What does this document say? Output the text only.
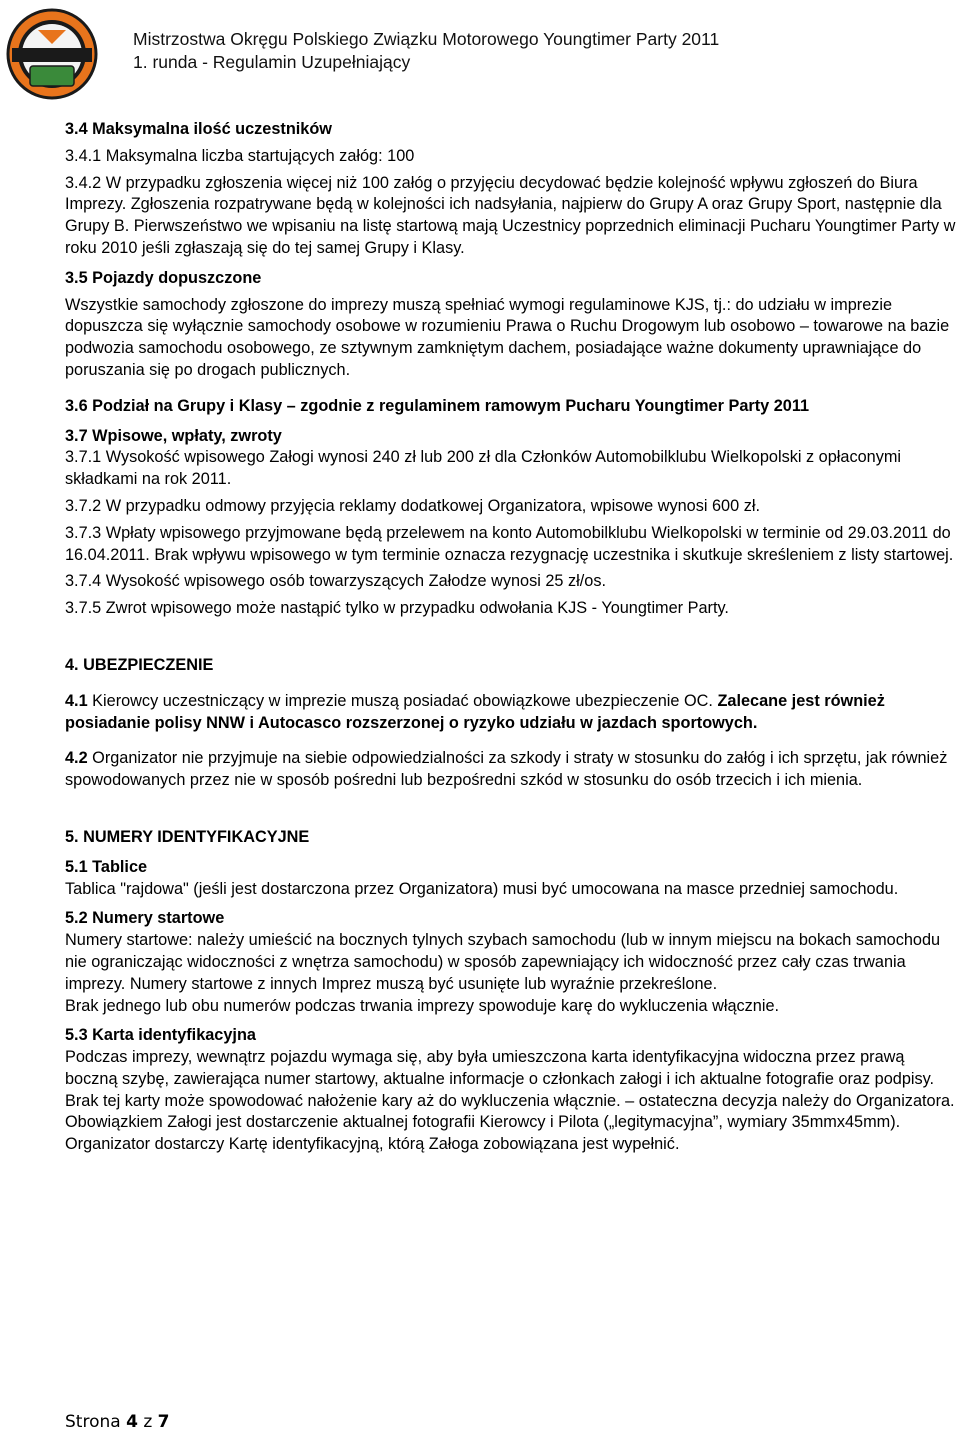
Mistrzostwa Okręgu Polskiego Związku Motorowego Youngtimer Party 2011
1. runda - Regulamin Uzupełniający

3.4 Maksymalna ilość uczestników

3.4.1 Maksymalna liczba startujących załóg: 100

3.4.2 W przypadku zgłoszenia więcej niż 100 załóg o przyjęciu decydować będzie kolejność wpływu zgłoszeń do Biura Imprezy. Zgłoszenia rozpatrywane będą w kolejności ich nadsyłania, najpierw do Grupy A oraz Grupy Sport, następnie dla Grupy B. Pierwszeństwo we wpisaniu na listę startową mają Uczestnicy poprzednich eliminacji Pucharu Youngtimer Party w roku 2010 jeśli zgłaszają się do tej samej Grupy i Klasy.

3.5 Pojazdy dopuszczone

Wszystkie samochody zgłoszone do imprezy muszą spełniać wymogi regulaminowe KJS, tj.: do udziału w imprezie dopuszcza się wyłącznie samochody osobowe w rozumieniu Prawa o Ruchu Drogowym lub osobowo – towarowe na bazie podwozia samochodu osobowego, ze sztywnym zamkniętym dachem, posiadające ważne dokumenty uprawniające do poruszania się po drogach publicznych.

3.6 Podział na Grupy i Klasy – zgodnie z regulaminem ramowym Pucharu Youngtimer Party 2011

3.7 Wpisowe, wpłaty, zwroty

3.7.1 Wysokość wpisowego Załogi wynosi 240 zł lub 200 zł dla Członków Automobilklubu Wielkopolski z opłaconymi składkami na rok 2011.

3.7.2 W przypadku odmowy przyjęcia reklamy dodatkowej Organizatora, wpisowe wynosi 600 zł.

3.7.3 Wpłaty wpisowego przyjmowane będą przelewem na konto Automobilklubu Wielkopolski w terminie od 29.03.2011 do 16.04.2011. Brak wpływu wpisowego w tym terminie oznacza rezygnację uczestnika i skutkuje skreśleniem z listy startowej.

3.7.4 Wysokość wpisowego osób towarzyszących Załodze wynosi 25 zł/os.

3.7.5 Zwrot wpisowego może nastąpić tylko w przypadku odwołania KJS - Youngtimer Party.

4. UBEZPIECZENIE

4.1 Kierowcy uczestniczący w imprezie muszą posiadać obowiązkowe ubezpieczenie OC. Zalecane jest również posiadanie polisy NNW i Autocasco rozszerzonej o ryzyko udziału w jazdach sportowych.

4.2 Organizator nie przyjmuje na siebie odpowiedzialności za szkody i straty w stosunku do załóg i ich sprzętu, jak również spowodowanych przez nie w sposób pośredni lub bezpośredni szkód w stosunku do osób trzecich i ich mienia.

5. NUMERY IDENTYFIKACYJNE

5.1 Tablice

Tablica "rajdowa" (jeśli jest dostarczona przez Organizatora) musi być umocowana na masce przedniej samochodu.

5.2 Numery startowe

Numery startowe: należy umieścić na bocznych tylnych szybach samochodu (lub w innym miejscu na bokach samochodu nie ograniczając widoczności z wnętrza samochodu) w sposób zapewniający ich widoczność przez cały czas trwania imprezy. Numery startowe z innych Imprez muszą być usunięte lub wyraźnie przekreślone.

Brak jednego lub obu numerów podczas trwania imprezy spowoduje karę do wykluczenia włącznie.

5.3 Karta identyfikacyjna

Podczas imprezy, wewnątrz pojazdu wymaga się, aby była umieszczona karta identyfikacyjna widoczna przez prawą boczną szybę, zawierająca numer startowy, aktualne informacje o członkach załogi i ich aktualne fotografie oraz podpisy. Brak tej karty może spowodować nałożenie kary aż do wykluczenia włącznie. – ostateczna decyzja należy do Organizatora. Obowiązkiem Załogi jest dostarczenie aktualnej fotografii Kierowcy i Pilota („legitymacyjna”, wymiary 35mmx45mm).

Organizator dostarczy Kartę identyfikacyjną, którą Załoga zobowiązana jest wypełnić.

Strona 4 z 7
